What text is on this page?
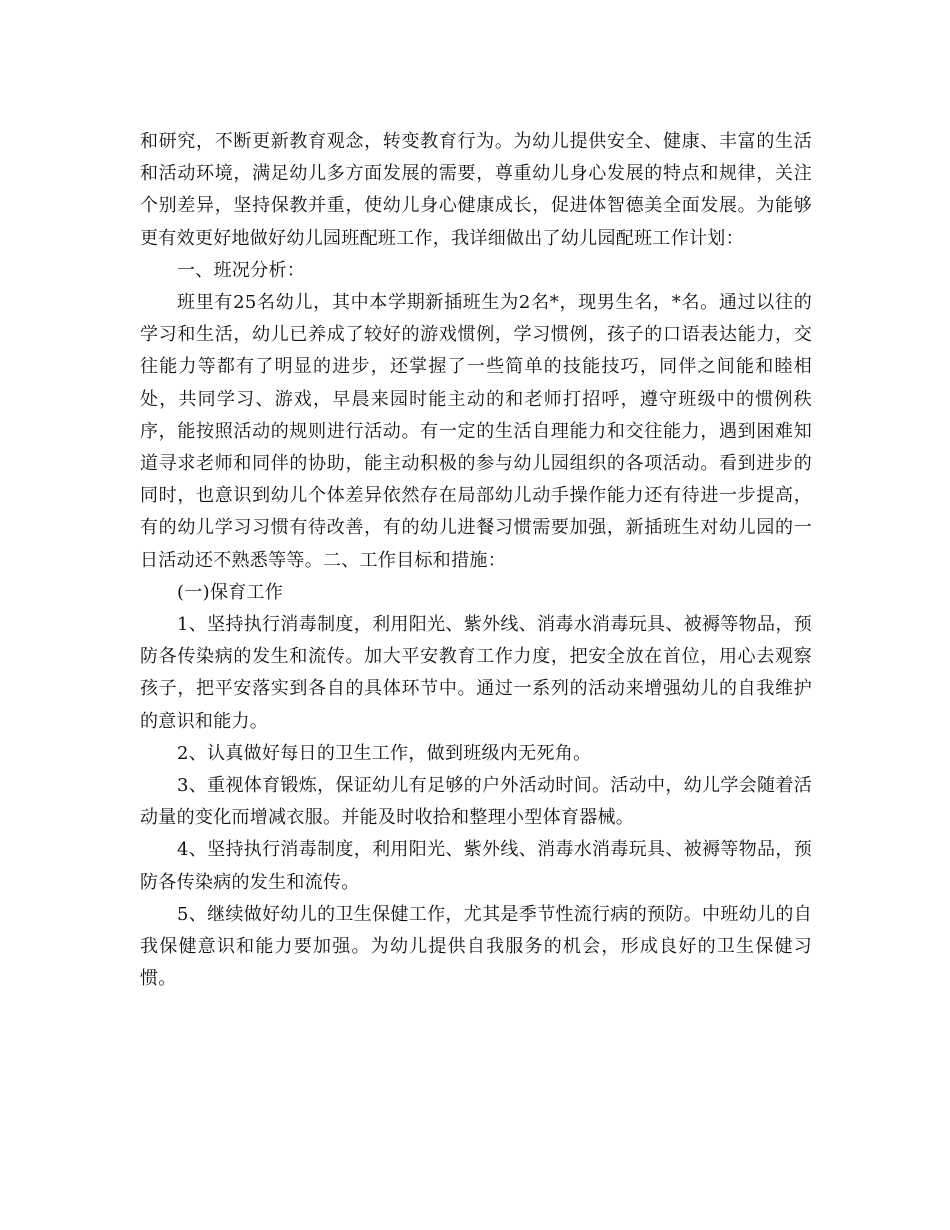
和研究，不断更新教育观念，转变教育行为。为幼儿提供安全、健康、丰富的生活和活动环境，满足幼儿多方面发展的需要，尊重幼儿身心发展的特点和规律，关注个别差异，坚持保教并重，使幼儿身心健康成长，促进体智德美全面发展。为能够更有效更好地做好幼儿园班配班工作，我详细做出了幼儿园配班工作计划：

一、班况分析：

班里有25名幼儿，其中本学期新插班生为2名*，现男生名，*名。通过以往的学习和生活，幼儿已养成了较好的游戏惯例，学习惯例，孩子的口语表达能力，交往能力等都有了明显的进步，还掌握了一些简单的技能技巧，同伴之间能和睦相处，共同学习、游戏，早晨来园时能主动的和老师打招呼，遵守班级中的惯例秩序，能按照活动的规则进行活动。有一定的生活自理能力和交往能力，遇到困难知道寻求老师和同伴的协助，能主动积极的参与幼儿园组织的各项活动。看到进步的同时，也意识到幼儿个体差异依然存在局部幼儿动手操作能力还有待进一步提高，有的幼儿学习习惯有待改善，有的幼儿进餐习惯需要加强，新插班生对幼儿园的一日活动还不熟悉等等。二、工作目标和措施：

(一)保育工作

1、坚持执行消毒制度，利用阳光、紫外线、消毒水消毒玩具、被褥等物品，预防各传染病的发生和流传。加大平安教育工作力度，把安全放在首位，用心去观察孩子，把平安落实到各自的具体环节中。通过一系列的活动来增强幼儿的自我维护的意识和能力。

2、认真做好每日的卫生工作，做到班级内无死角。

3、重视体育锻炼，保证幼儿有足够的户外活动时间。活动中，幼儿学会随着活动量的变化而增减衣服。并能及时收拾和整理小型体育器械。

4、坚持执行消毒制度，利用阳光、紫外线、消毒水消毒玩具、被褥等物品，预防各传染病的发生和流传。

5、继续做好幼儿的卫生保健工作，尤其是季节性流行病的预防。中班幼儿的自我保健意识和能力要加强。为幼儿提供自我服务的机会，形成良好的卫生保健习惯。
